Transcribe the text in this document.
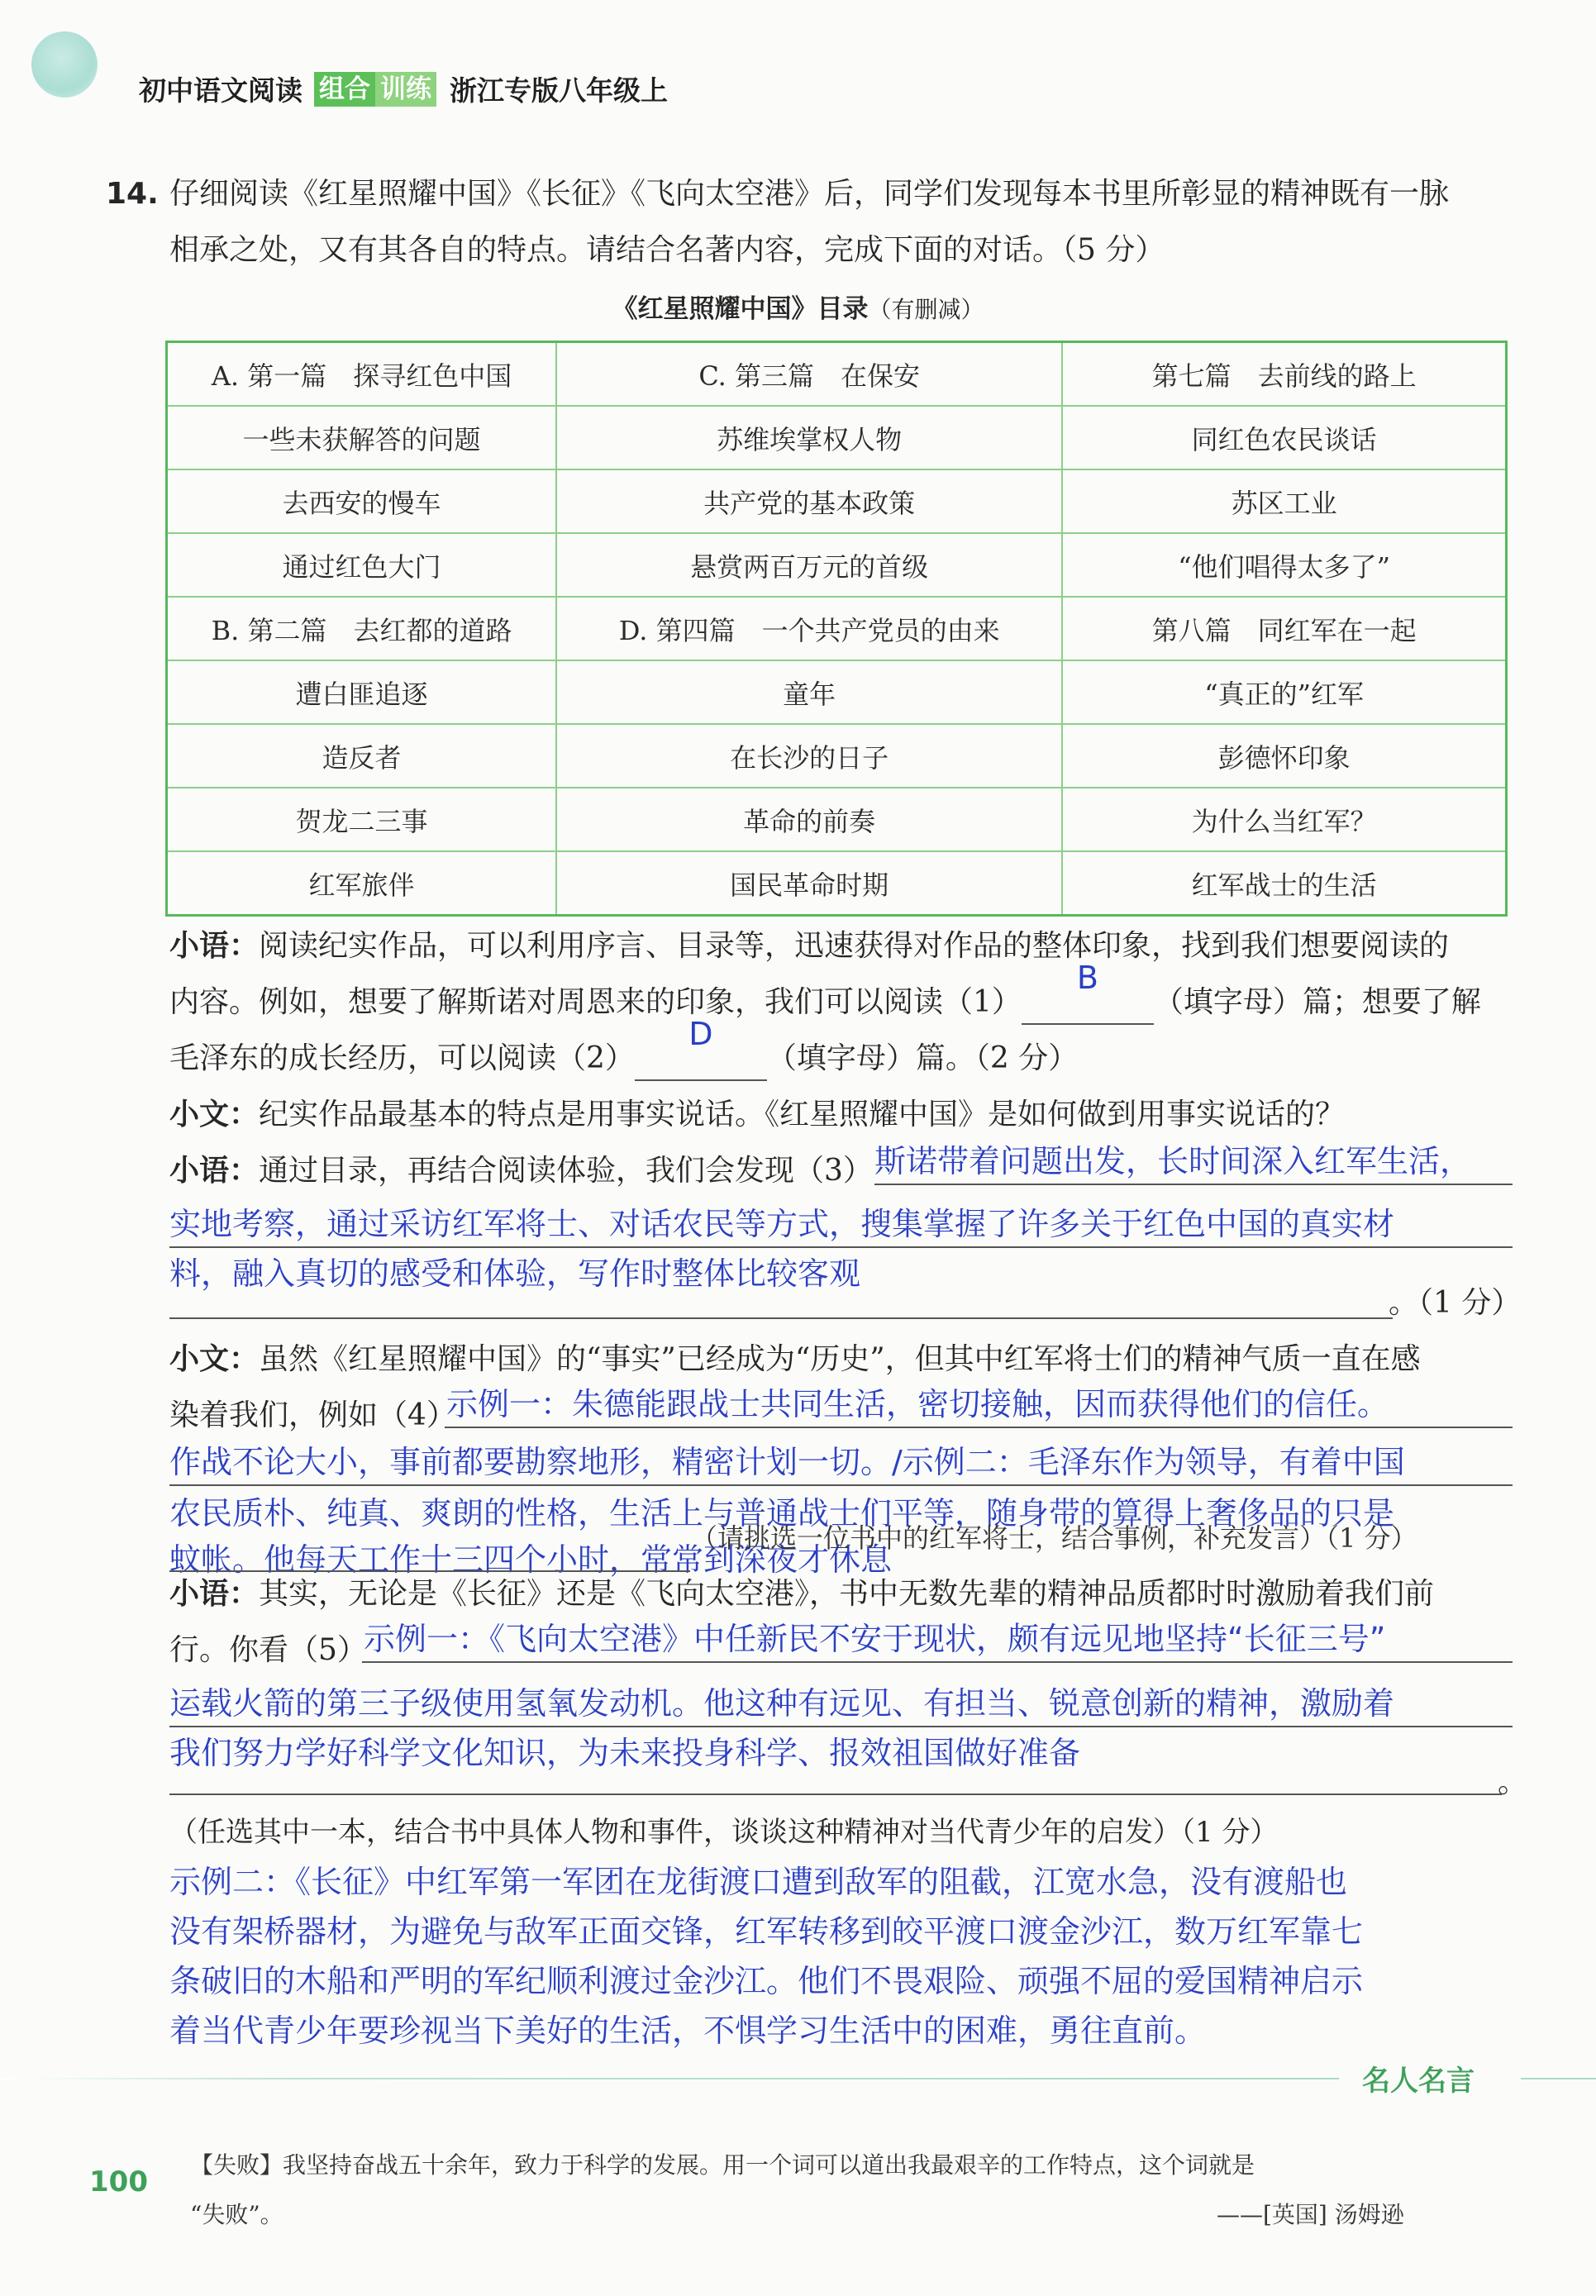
初中语文阅读 组合 训练 浙江专版八年级上
14. 仔细阅读《红星照耀中国》《长征》《飞向太空港》后，同学们发现每本书里所彰显的精神既有一脉
相承之处，又有其各自的特点。请结合名著内容，完成下面的对话。（5 分）
《红星照耀中国》目录（有删减）
A. 第一篇　探寻红色中国	C. 第三篇　在保安	第七篇　去前线的路上
一些未获解答的问题	苏维埃掌权人物	同红色农民谈话
去西安的慢车	共产党的基本政策	苏区工业
通过红色大门	悬赏两百万元的首级	“他们唱得太多了”
B. 第二篇　去红都的道路	D. 第四篇　一个共产党员的由来	第八篇　同红军在一起
遭白匪追逐	童年	“真正的”红军
造反者	在长沙的日子	彭德怀印象
贺龙二三事	革命的前奏	为什么当红军？
红军旅伴	国民革命时期	红军战士的生活
小语：阅读纪实作品，可以利用序言、目录等，迅速获得对作品的整体印象，找到我们想要阅读的
内容。例如，想要了解斯诺对周恩来的印象，我们可以阅读（1）
B
（填字母）篇；想要了解
毛泽东的成长经历，可以阅读（2）
D
（填字母）篇。（2 分）
小文：纪实作品最基本的特点是用事实说话。《红星照耀中国》是如何做到用事实说话的？
小语：通过目录，再结合阅读体验，我们会发现（3） 斯诺带着问题出发，长时间深入红军生活，
实地考察，通过采访红军将士、对话农民等方式，搜集掌握了许多关于红色中国的真实材
料，融入真切的感受和体验，写作时整体比较客观
。（1 分）
小文：虽然《红星照耀中国》的“事实”已经成为“历史”，但其中红军将士们的精神气质一直在感
染着我们，例如（4）
示例一：朱德能跟战士共同生活，密切接触，因而获得他们的信任。
作战不论大小，事前都要勘察地形，精密计划一切。/示例二：毛泽东作为领导，有着中国
农民质朴、纯真、爽朗的性格，生活上与普通战士们平等，随身带的算得上奢侈品的只是
蚊帐。他每天工作十三四个小时，常常到深夜才休息
（请挑选一位书中的红军将士，结合事例，补充发言）（1 分）
小语：其实，无论是《长征》还是《飞向太空港》，书中无数先辈的精神品质都时时激励着我们前
行。你看（5）
示例一：《飞向太空港》中任新民不安于现状，颇有远见地坚持“长征三号”
运载火箭的第三子级使用氢氧发动机。他这种有远见、有担当、锐意创新的精神，激励着
我们努力学好科学文化知识，为未来投身科学、报效祖国做好准备
。
（任选其中一本，结合书中具体人物和事件，谈谈这种精神对当代青少年的启发）（1 分）
示例二：《长征》中红军第一军团在龙街渡口遭到敌军的阻截，江宽水急，没有渡船也
没有架桥器材，为避免与敌军正面交锋，红军转移到皎平渡口渡金沙江，数万红军靠七
条破旧的木船和严明的军纪顺利渡过金沙江。他们不畏艰险、顽强不屈的爱国精神启示
着当代青少年要珍视当下美好的生活，不惧学习生活中的困难，勇往直前。
名人名言
100
【失败】我坚持奋战五十余年，致力于科学的发展。用一个词可以道出我最艰辛的工作特点，这个词就是
“失败”。	——[英国] 汤姆逊
